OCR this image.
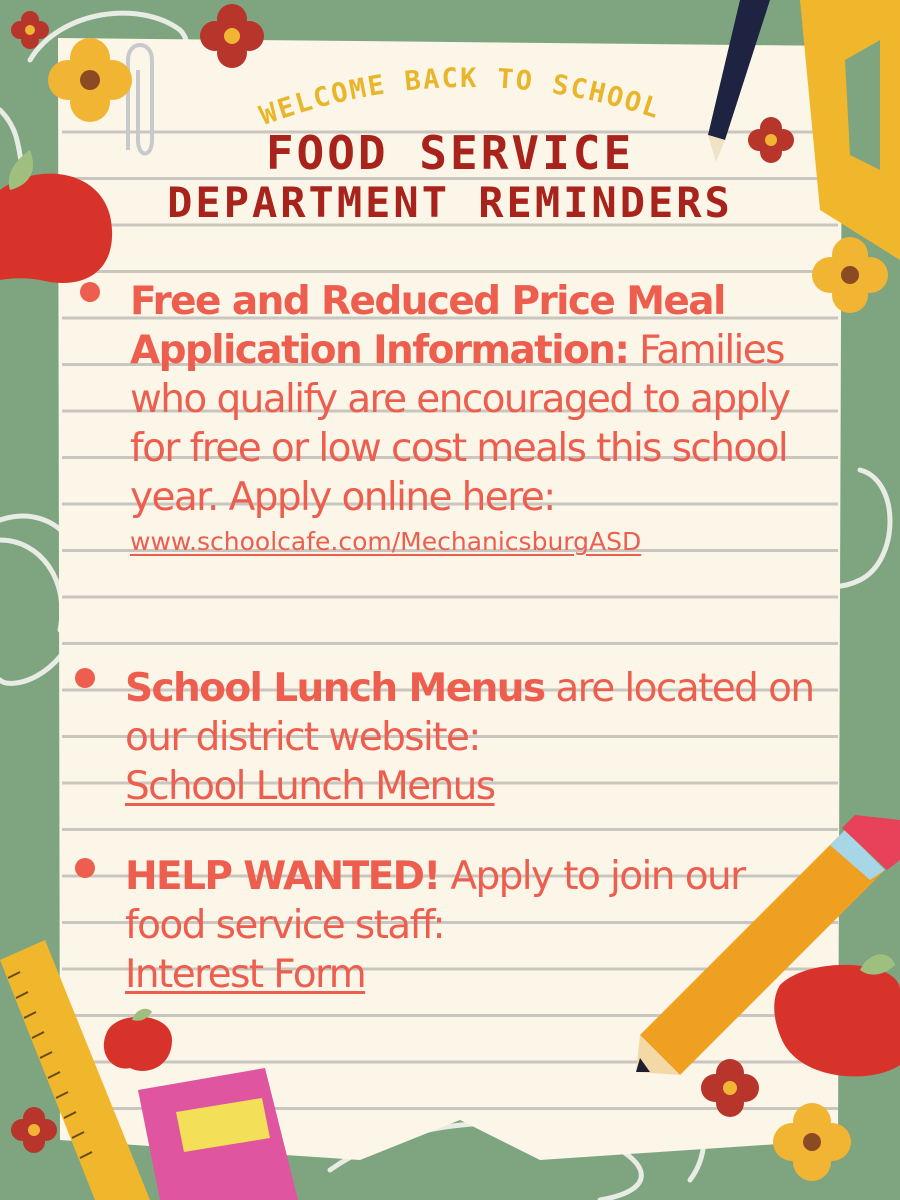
WELCOME BACK TO SCHOOL
FOOD SERVICE
DEPARTMENT REMINDERS

Free and Reduced Price Meal Application Information: Families who qualify are encouraged to apply for free or low cost meals this school year. Apply online here:
www.schoolcafe.com/MechanicsburgASD

School Lunch Menus are located on our district website:
School Lunch Menus

HELP WANTED! Apply to join our food service staff:
Interest Form
